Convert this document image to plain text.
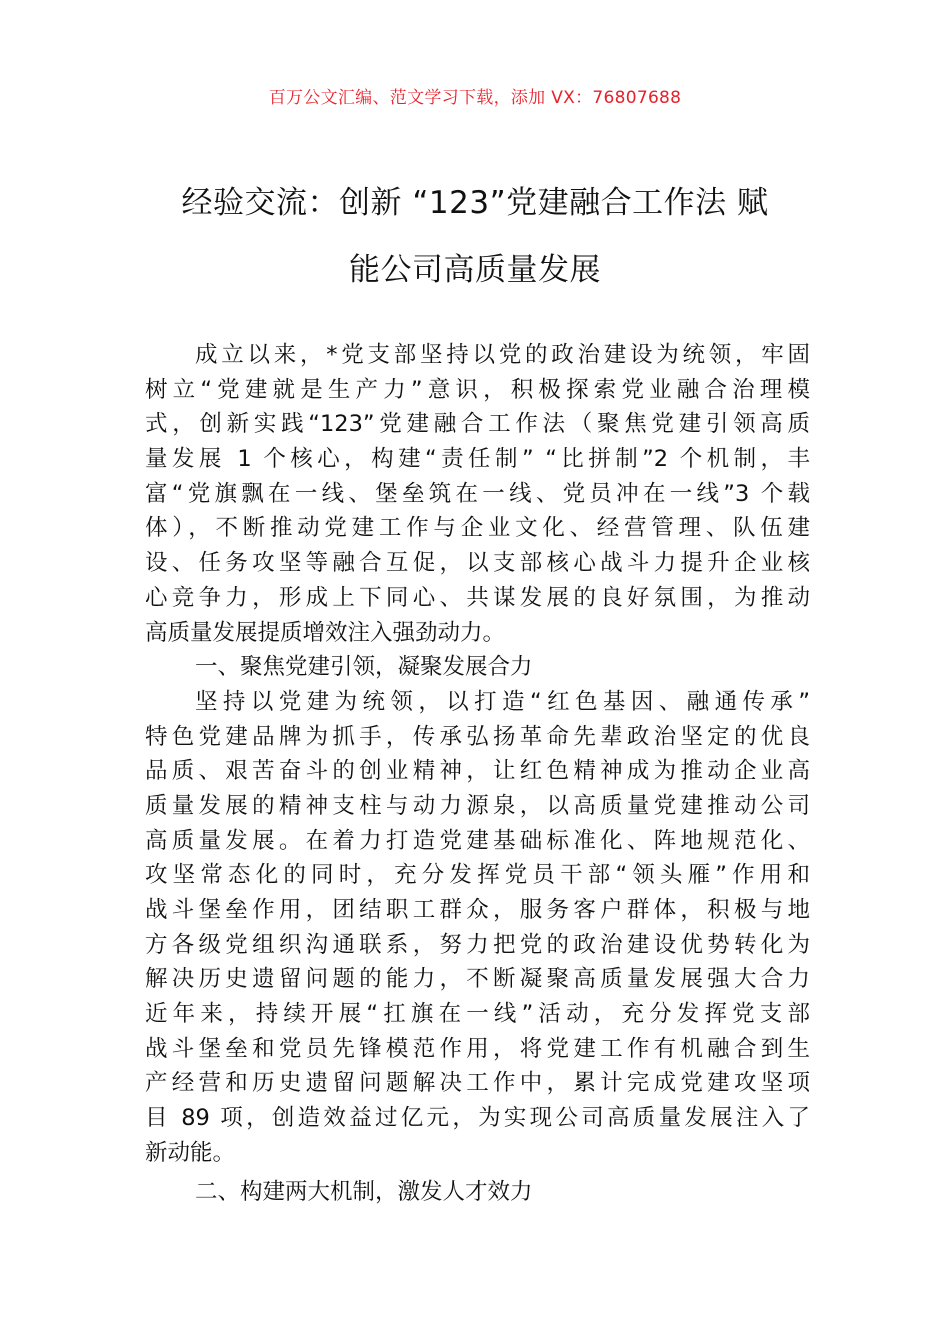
百万公文汇编、范文学习下载，添加 VX：76807688
经验交流：创新 “123”党建融合工作法 赋
能公司高质量发展
成立以来，*党支部坚持以党的政治建设为统领，牢固
树立“党建就是生产力”意识，积极探索党业融合治理模
式，创新实践“123”党建融合工作法（聚焦党建引领高质
量发展 1 个核心，构建“责任制” “比拼制”2 个机制，丰
富“党旗飘在一线、堡垒筑在一线、党员冲在一线”3 个载
体），不断推动党建工作与企业文化、经营管理、队伍建
设、任务攻坚等融合互促，以支部核心战斗力提升企业核
心竞争力，形成上下同心、共谋发展的良好氛围，为推动
高质量发展提质增效注入强劲动力。
一、聚焦党建引领，凝聚发展合力
坚持以党建为统领，以打造“红色基因、融通传承”
特色党建品牌为抓手，传承弘扬革命先辈政治坚定的优良
品质、艰苦奋斗的创业精神，让红色精神成为推动企业高
质量发展的精神支柱与动力源泉，以高质量党建推动公司
高质量发展。在着力打造党建基础标准化、阵地规范化、
攻坚常态化的同时，充分发挥党员干部“领头雁”作用和
战斗堡垒作用，团结职工群众，服务客户群体，积极与地
方各级党组织沟通联系，努力把党的政治建设优势转化为
解决历史遗留问题的能力，不断凝聚高质量发展强大合力
近年来，持续开展“扛旗在一线”活动，充分发挥党支部
战斗堡垒和党员先锋模范作用，将党建工作有机融合到生
产经营和历史遗留问题解决工作中，累计完成党建攻坚项
目 89 项，创造效益过亿元，为实现公司高质量发展注入了
新动能。
二、构建两大机制，激发人才效力
